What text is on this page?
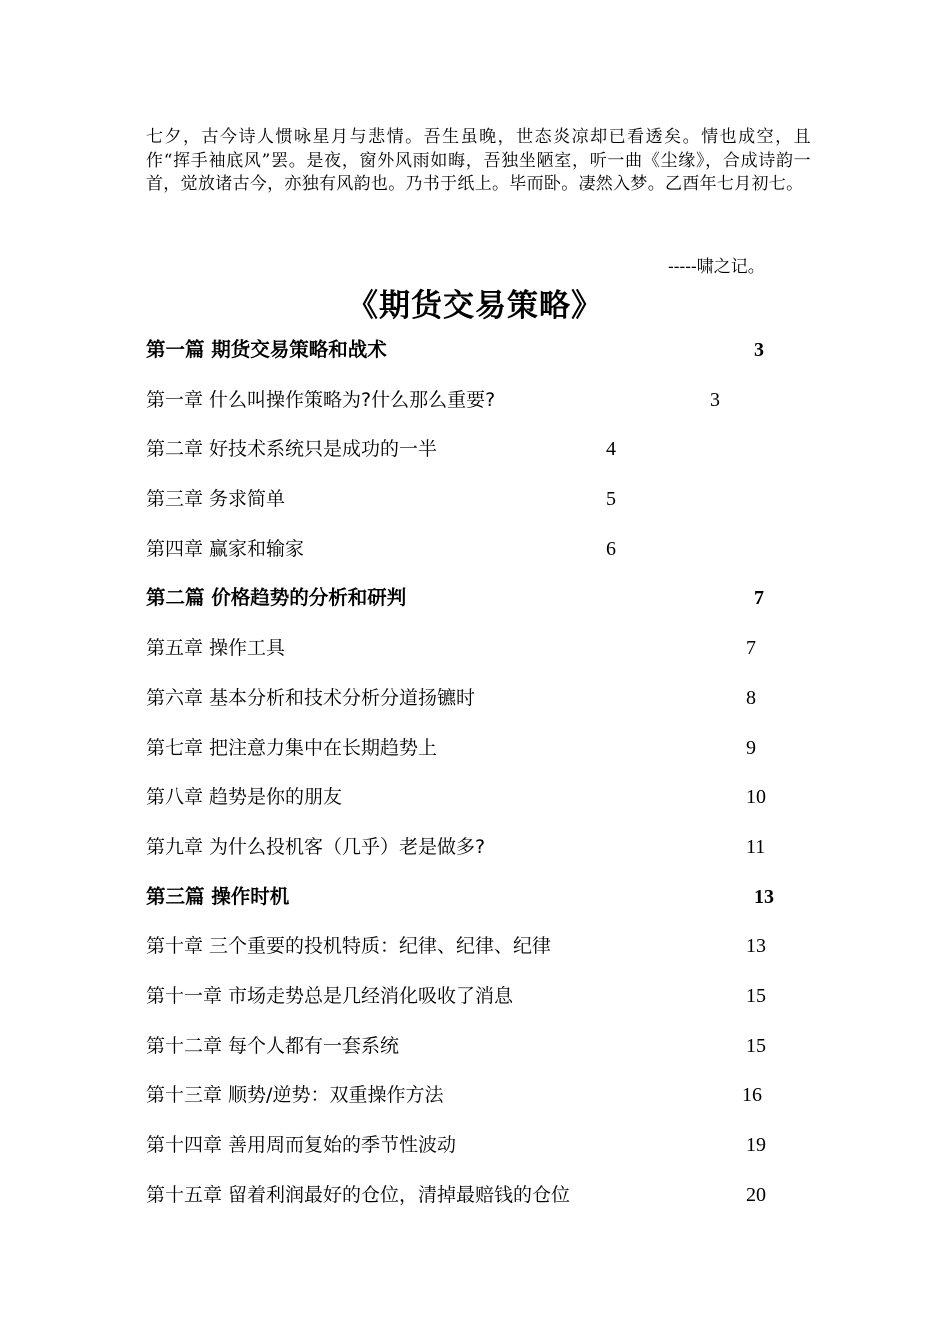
七夕，古今诗人惯咏星月与悲情。吾生虽晚，世态炎凉却已看透矣。情也成空，且作“挥手袖底风”罢。是夜，窗外风雨如晦，吾独坐陋室，听一曲《尘缘》，合成诗韵一首，觉放诸古今，亦独有风韵也。乃书于纸上。毕而卧。凄然入梦。乙酉年七月初七。

-----啸之记。
《期货交易策略》
第一篇 期货交易策略和战术	3
第一章 什么叫操作策略为?什么那么重要?	3
第二章 好技术系统只是成功的一半	4
第三章 务求简单	5
第四章 赢家和输家	6
第二篇 价格趋势的分析和研判	7
第五章 操作工具	7
第六章 基本分析和技术分析分道扬镳时	8
第七章 把注意力集中在长期趋势上	9
第八章 趋势是你的朋友	10
第九章 为什么投机客（几乎）老是做多?	11
第三篇 操作时机	13
第十章 三个重要的投机特质：纪律、纪律、纪律	13
第十一章 市场走势总是几经消化吸收了消息	15
第十二章 每个人都有一套系统	15
第十三章 顺势/逆势：双重操作方法	16
第十四章 善用周而复始的季节性波动	19
第十五章 留着利润最好的仓位，清掉最赔钱的仓位	20
